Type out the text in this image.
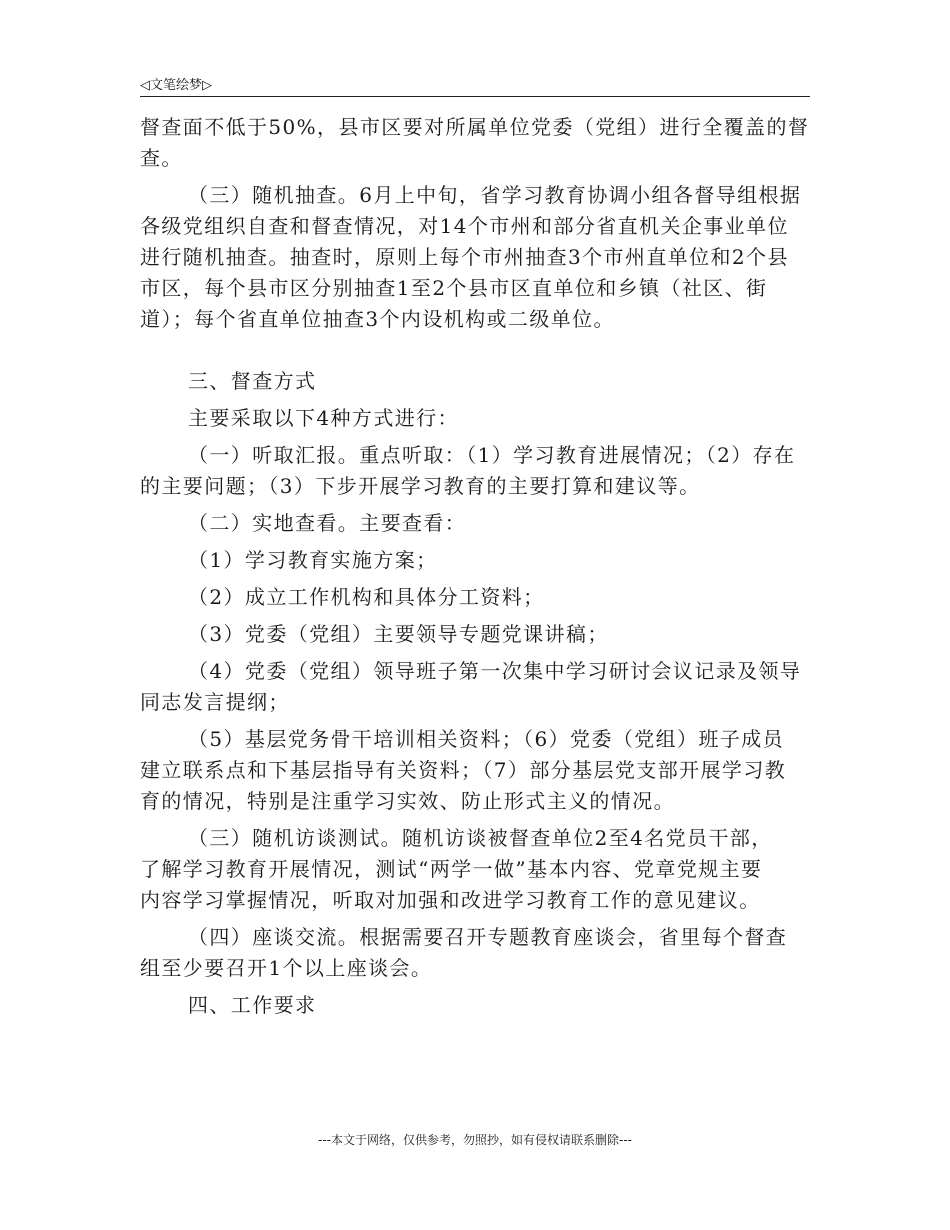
◁文笔绘梦▷
督查面不低于50%，县市区要对所属单位党委（党组）进行全覆盖的督
查。
（三）随机抽查。6月上中旬，省学习教育协调小组各督导组根据
各级党组织自查和督查情况，对14个市州和部分省直机关企事业单位
进行随机抽查。抽查时，原则上每个市州抽查3个市州直单位和2个县
市区，每个县市区分别抽查1至2个县市区直单位和乡镇（社区、街
道）；每个省直单位抽查3个内设机构或二级单位。
三、督查方式
主要采取以下4种方式进行：
（一）听取汇报。重点听取：（1）学习教育进展情况；（2）存在
的主要问题；（3）下步开展学习教育的主要打算和建议等。
（二）实地查看。主要查看：
（1）学习教育实施方案；
（2）成立工作机构和具体分工资料；
（3）党委（党组）主要领导专题党课讲稿；
（4）党委（党组）领导班子第一次集中学习研讨会议记录及领导
同志发言提纲；
（5）基层党务骨干培训相关资料；（6）党委（党组）班子成员
建立联系点和下基层指导有关资料；（7）部分基层党支部开展学习教
育的情况，特别是注重学习实效、防止形式主义的情况。
（三）随机访谈测试。随机访谈被督查单位2至4名党员干部，
了解学习教育开展情况，测试“两学一做”基本内容、党章党规主要
内容学习掌握情况，听取对加强和改进学习教育工作的意见建议。
（四）座谈交流。根据需要召开专题教育座谈会，省里每个督查
组至少要召开1个以上座谈会。
四、工作要求
---本文于网络，仅供参考，勿照抄，如有侵权请联系删除---
